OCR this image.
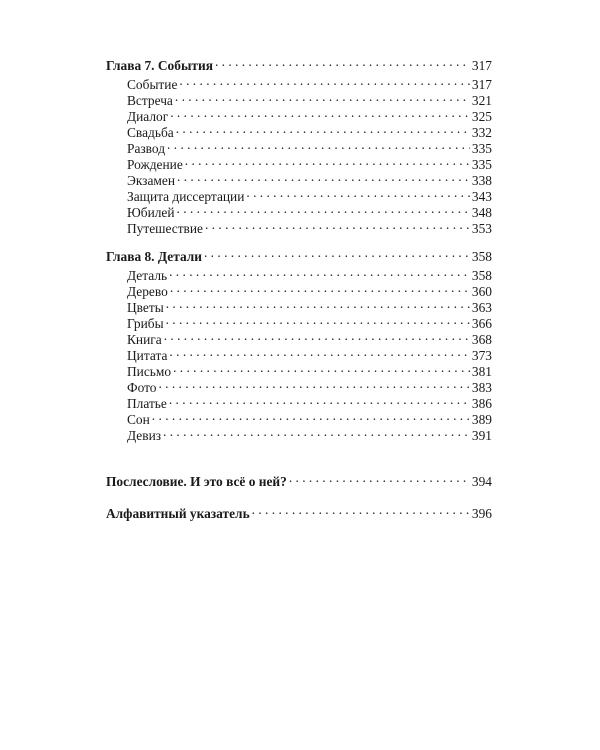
Глава 7. События . . .	317
Событие . . .	317
Встреча . . .	321
Диалог . . .	325
Свадьба . . .	332
Развод . . .	335
Рождение . . .	335
Экзамен . . .	338
Защита диссертации . . .	343
Юбилей . . .	348
Путешествие . . .	353
Глава 8. Детали . . .	358
Деталь . . .	358
Дерево . . .	360
Цветы . . .	363
Грибы . . .	366
Книга . . .	368
Цитата . . .	373
Письмо . . .	381
Фото . . .	383
Платье . . .	386
Сон . . .	389
Девиз . . .	391
Послесловие. И это всё о ней? . . .	394
Алфавитный указатель . . .	396
